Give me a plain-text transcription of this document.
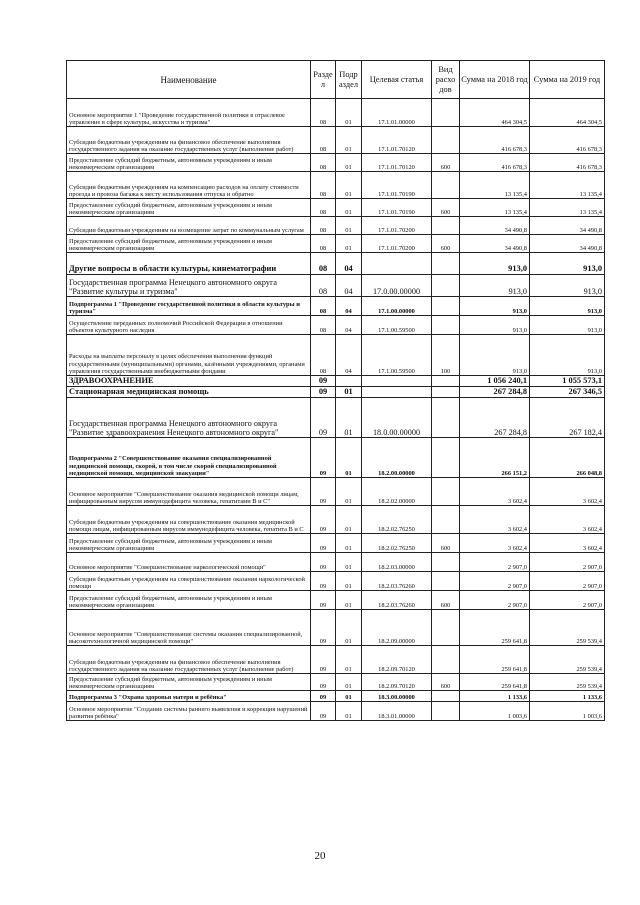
Наименование	Разде л	Подр аздел	Целевая статья	Вид расхо дов	Сумма на 2018 год	Сумма на 2019 год
Основное мероприятие 1 "Проведение государственной политики в отраслевое управление в сфере культуры, искусства и туризма"	08	01	17.1.01.00000		464 304,5	464 304,5
Субсидии бюджетным учреждениям на финансовое обеспечение выполнения государственного задания на оказание государственных услуг (выполнение работ)	08	01	17.1.01.70120		416 678,3	416 678,3
Предоставление субсидий бюджетным, автономным учреждениям и иным некоммерческим организациям	08	01	17.1.01.70120	600	416 678,3	416 678,3
Субсидии бюджетным учреждениям на компенсацию расходов на оплату стоимости проезда и провоза багажа к месту использования отпуска и обратно	08	01	17.1.01.70190		13 135,4	13 135,4
Предоставление субсидий бюджетным, автономным учреждениям и иным некоммерческим организациям	08	01	17.1.01.70190	600	13 135,4	13 135,4
Субсидии бюджетным учреждениям на возмещение затрат по коммунальным услугам	08	01	17.1.01.70200		34 490,8	34 490,8
Предоставление субсидий бюджетным, автономным учреждениям и иным некоммерческим организациям	08	01	17.1.01.70200	600	34 490,8	34 490,8
Другие вопросы в области культуры, кинематографии	08	04			913,0	913,0
Государственная программа Ненецкого автономного округа "Развитие культуры и туризма"	08	04	17.0.00.00000		913,0	913,0
Подпрограмма 1 "Проведение государственной политики в области культуры и туризма"	08	04	17.1.00.00000		913,0	913,0
Осуществление переданных полномочий Российской Федерации в отношении объектов культурного наследия	08	04	17.1.00.59500		913,0	913,0
Расходы на выплаты персоналу в целях обеспечения выполнения функций государственными (муниципальными) органами, казёнными учреждениями, органами управления государственными внебюджетными фондами	08	04	17.1.00.59500	100	913,0	913,0
ЗДРАВООХРАНЕНИЕ	09				1 056 240,1	1 055 573,1
Стационарная медицинская помощь	09	01			267 284,8	267 346,5
Государственная программа Ненецкого автономного округа "Развитие здравоохранения Ненецкого автономного округа"	09	01	18.0.00.00000		267 284,8	267 182,4
Подпрограмма 2 "Совершенствование оказания специализированной медицинской помощи, скорой, в том числе скорой специализированной медицинской помощи, медицинской эвакуации"	09	01	18.2.00.00000		266 151,2	266 048,8
Основное мероприятие "Совершенствование оказания медицинской помощи лицам, инфицированным вирусом иммунодефицита человека, гепатитами В и С"	09	01	18.2.02.00000		3 602,4	3 602,4
Субсидии бюджетным учреждениям на совершенствование оказания медицинской помощи лицам, инфицированным вирусом иммунодефицита человека, гепатита В и С	09	01	18.2.02.76250		3 602,4	3 602,4
Предоставление субсидий бюджетным, автономным учреждениям и иным некоммерческим организациям	09	01	18.2.02.76250	600	3 602,4	3 602,4
Основное мероприятие "Совершенствование наркологической помощи"	09	01	18.2.03.00000		2 907,0	2 907,0
Субсидии бюджетным учреждениям на совершенствование оказания наркологической помощи	09	01	18.2.03.76260		2 907,0	2 907,0
Предоставление субсидий бюджетным, автономным учреждениям и иным некоммерческим организациям	09	01	18.2.03.76260	600	2 907,0	2 907,0
Основное мероприятие "Совершенствование системы оказания специализированной, высокотехнологичной медицинской помощи"	09	01	18.2.09.00000		259 641,8	259 539,4
Субсидии бюджетным учреждениям на финансовое обеспечение выполнения государственного задания на оказание государственных услуг (выполнение работ)	09	01	18.2.09.70120		259 641,8	259 539,4
Предоставление субсидий бюджетным, автономным учреждениям и иным некоммерческим организациям	09	01	18.2.09.70120	600	259 641,8	259 539,4
Подпрограмма 3 "Охрана здоровья матери и ребёнка"	09	01	18.3.00.00000		1 133,6	1 133,6
Основное мероприятие "Создание системы раннего выявления и коррекция нарушений развития ребёнка"	09	01	18.3.01.00000		1 003,6	1 003,6
20
